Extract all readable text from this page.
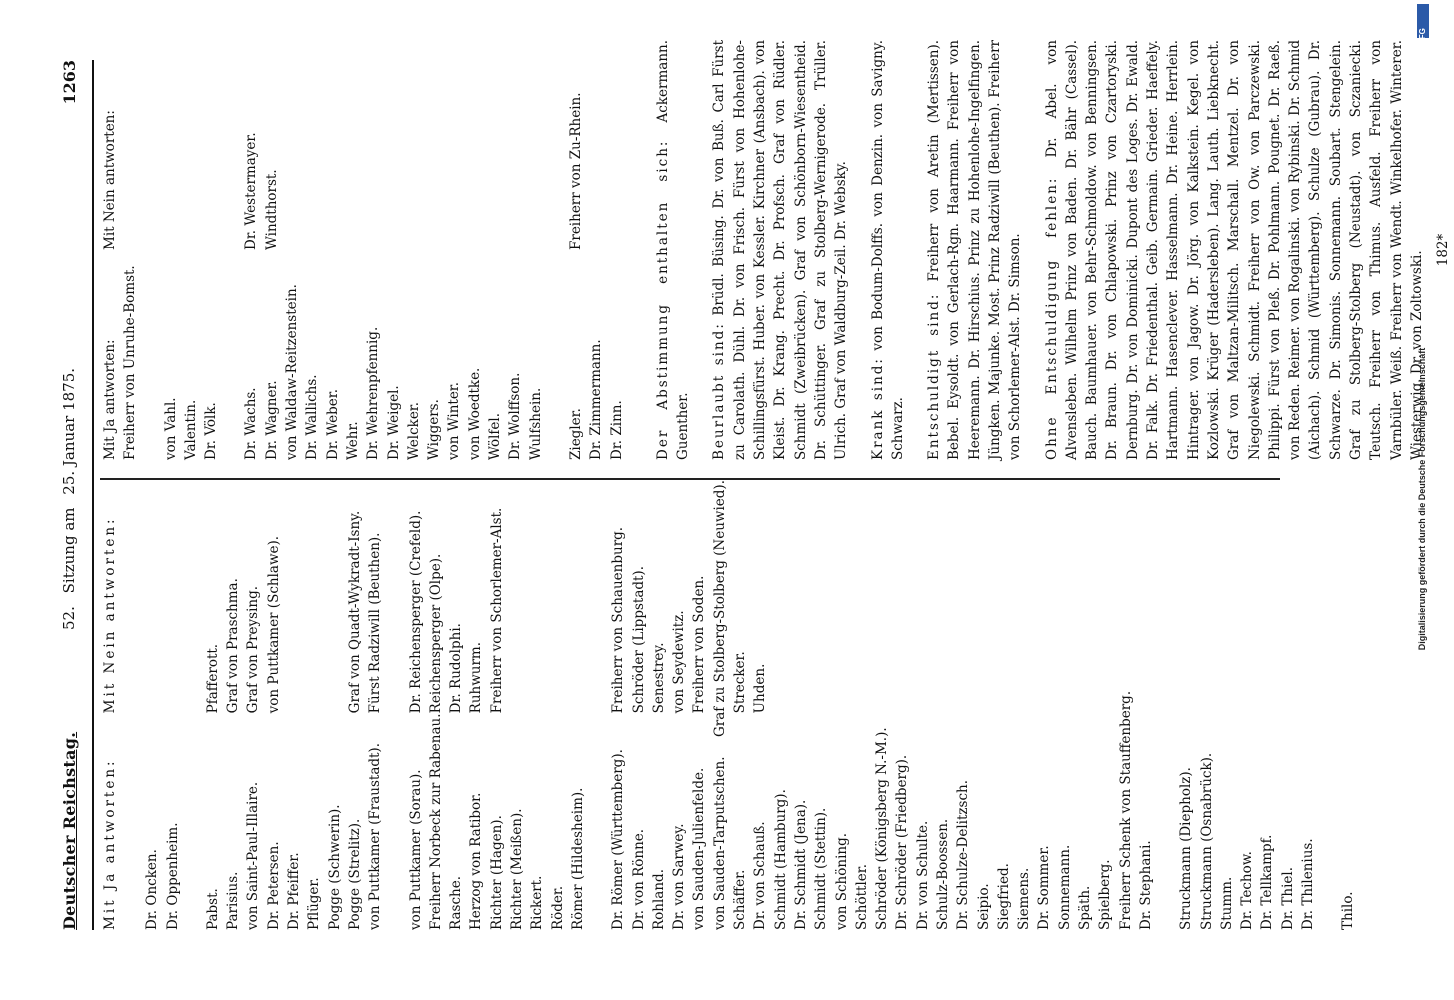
Deutscher Reichstag.
52. Sitzung am 25. Januar 1875.
1263
Mit Ja antworten:
Mit Nein antworten:
Dr. Oncken. Dr. Oppenheim. Pabst.
Pfafferott.
Parisius.
Graf von Praschma.
von Saint-Paul-Illaire.
Graf von Preysing.
Dr. Petersen.
von Puttkamer (Schlawe).
Dr. Pfeiffer. Pflüger. Pogge (Schwerin). Pogge (Strelitz).
Graf von Quadt-Wykradt-Isny.
von Puttkamer (Fraustadt).
Fürst Radziwill (Beuthen).
von Puttkamer (Sorau).
Dr. Reichensperger (Crefeld).
Freiherr Norbeck zur Rabenau.
Reichensperger (Olpe).
Rasche.
Dr. Rudolphi.
Herzog von Ratibor.
Ruhwurm.
Richter (Hagen).
Freiherr von Schorlemer-Alst.
Richter (Meißen). Rickert. Röder. Römer (Hildesheim). Dr. Römer (Württemberg).
Freiherr von Schauenburg.
Dr. von Rönne.
Schröder (Lippstadt).
Rohland.
Senestrey.
Dr. von Sarwey.
von Seydewitz.
von Sauden-Julienfelde.
Freiherr von Soden.
von Sauden-Tarputschen.
Graf zu Stolberg-Stolberg (Neuwied).
Schäffer.
Strecker.
Dr. von Schauß.
Uhden.
Schmidt (Hamburg). Dr. Schmidt (Jena). Schmidt (Stettin). von Schöning. Schöttler. Schröder (Königsberg N.-M.). Dr. Schröder (Friedberg). Dr. von Schulte. Schulz-Boossen. Dr. Schulze-Delitzsch. Seipio. Siegfried. Siemens. Dr. Sommer. Sonnemann. Späth. Spielberg. Freiherr Schenk von Stauffenberg. Dr. Stephani. Struckmann (Diepholz). Struckmann (Osnabrück). Stumm. Dr. Techow. Dr. Tellkampf. Dr. Thiel. Dr. Thilenius. Thilo.
Mit Ja antworten:
Mit Nein antworten:
Freiherr von Unruhe-Bomst. von Vahl. Valentin. Dr. Völk. Dr. Wachs.
Dr. Westermayer.
Dr. Wagner.
Windthorst.
von Waldaw-Reitzenstein. Dr. Wallichs. Dr. Weber. Wehr. Dr. Wehrenpfennig. Dr. Weigel. Welcker. Wiggers. von Winter. von Woedtke. Wölfel. Dr. Wolffson. Wulfshein. Ziegler.
Freiherr von Zu-Rhein.
Dr. Zimmermann. Dr. Zinn. Der Abstimmung enthalten sich: Ackermann. Guenther. Beurlaubt sind: Brüdl. Büsing. Dr. von Buß. Carl Fürst zu Carolath. Dühl. Dr. von Frisch. Fürst von Hohenlohe-Schillingsfürst. Huber. von Kessler. Kirchner (Ansbach). von Kleist. Dr. Krang. Precht. Dr. Profsch. Graf von Rüdler. Schmidt (Zweibrücken). Graf von Schönborn-Wiesentheid. Dr. Schüttinger. Graf zu Stolberg-Wernigerode. Trüller. Ulrich. Graf von Waldburg-Zeil. Dr. Websky. Krank sind: von Bodum-Dolffs. von Denzin. von Savigny. Schwarz. Entschuldigt sind: Freiherr von Aretin (Mertissen). Bebel. Eysoldt. von Gerlach-Rgn. Haarmann. Freiherr von Heeremann. Dr. Hirschius. Prinz zu Hohenlohe-Ingelfingen. Jüngken. Majunke. Most. Prinz Radziwill (Beuthen). Freiherr von Schorlemer-Alst. Dr. Simson. Ohne Entschuldigung fehlen: Dr. Abel. von Alvensleben. Wilhelm Prinz von Baden. Dr. Bähr (Cassel). Bauch. Baumhauer. von Behr-Schmoldow. von Benningsen. Dr. Braun. Dr. von Chlapowski. Prinz von Czartoryski. Dernburg. Dr. von Dominicki. Dupont des Loges. Dr. Ewald. Dr. Falk. Dr. Friedenthal. Geib. Germain. Grieder. Haeffely. Hartmann. Hasenclever. Hasselmann. Dr. Heine. Herrlein. Hintrager. von Jagow. Dr. Jörg. von Kalkstein. Kegel. von Kozlowski. Krüger (Hadersleben). Lang. Lauth. Liebknecht. Graf von Maltzan-Militsch. Marschall. Mentzel. Dr. von Niegolewski. Schmidt. Freiherr von Ow. von Parczewski. Philippi. Fürst von Pleß. Dr. Pohlmann. Pougnet. Dr. Raeß. von Reden. Reimer. von Rogalinski. von Rybinski. Dr. Schmid (Aichach). Schmid (Württemberg). Schulze (Gubrau). Dr. Schwarze. Dr. Simonis. Sonnemann. Soubart. Stengelein. Graf zu Stolberg-Stolberg (Neustadt). von Sczaniecki. Teutsch. Freiherr von Thimus. Ausfeld. Freiherr von Varnbüler. Weiß. Freiherr von Wendt. Winkelhofer. Winterer. Wiesterwig. Dr. von Zoltowski.

182*
Digitalisierung gefördert durch die Deutsche Forschungsgemeinschaft
DFG
